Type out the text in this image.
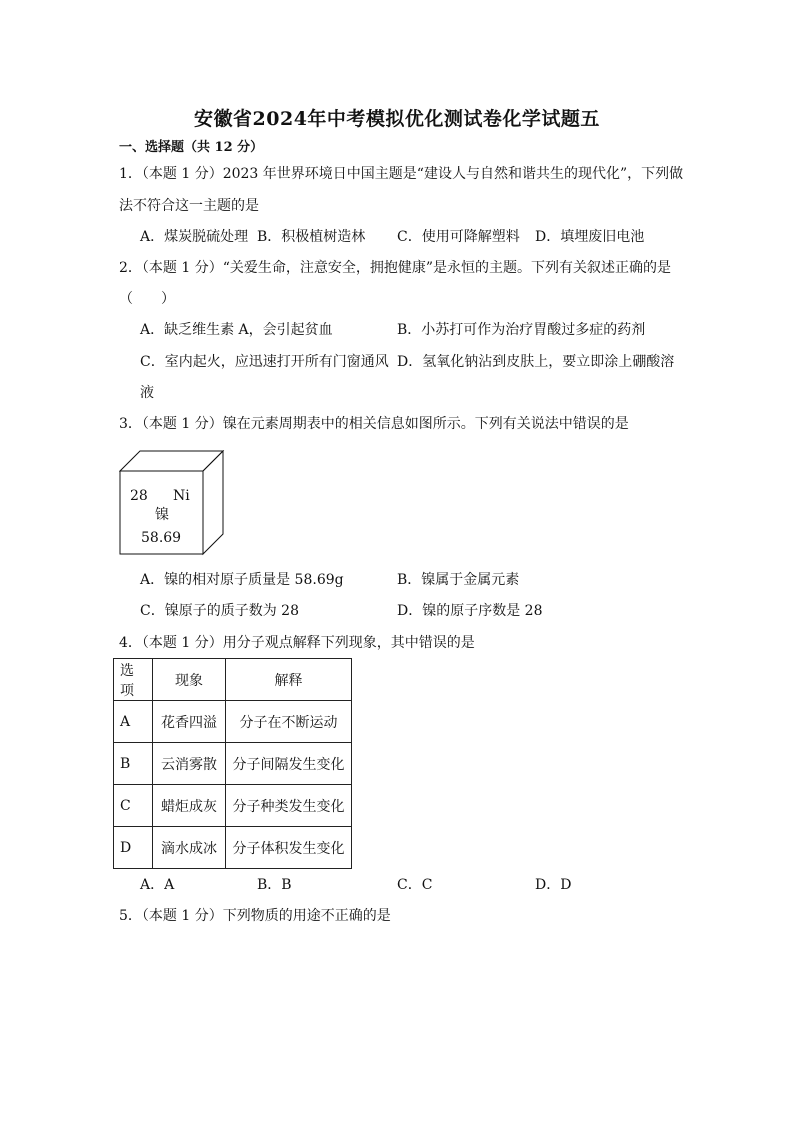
安徽省2024年中考模拟优化测试卷化学试题五
一、选择题（共 12 分）
1．（本题 1 分）2023 年世界环境日中国主题是“建设人与自然和谐共生的现代化”，下列做
法不符合这一主题的是
A．煤炭脱硫处理 B．积极植树造林 C．使用可降解塑料 D．填埋废旧电池
2．（本题 1 分）“关爱生命，注意安全，拥抱健康”是永恒的主题。下列有关叙述正确的是
（　　）
A．缺乏维生素 A，会引起贫血	B．小苏打可作为治疗胃酸过多症的药剂
C．室内起火，应迅速打开所有门窗通风 D．氢氧化钠沾到皮肤上，要立即涂上硼酸溶
液
3．（本题 1 分）镍在元素周期表中的相关信息如图所示。下列有关说法中错误的是
28 Ni
镍
58.69
A．镍的相对原子质量是 58.69g	B．镍属于金属元素
C．镍原子的质子数为 28	D．镍的原子序数是 28
4．（本题 1 分）用分子观点解释下列现象，其中错误的是
选项	现象	解释
A	花香四溢	分子在不断运动
B	云消雾散	分子间隔发生变化
C	蜡炬成灰	分子种类发生变化
D	滴水成冰	分子体积发生变化
A．A	B．B	C．C	D．D
5．（本题 1 分）下列物质的用途不正确的是
